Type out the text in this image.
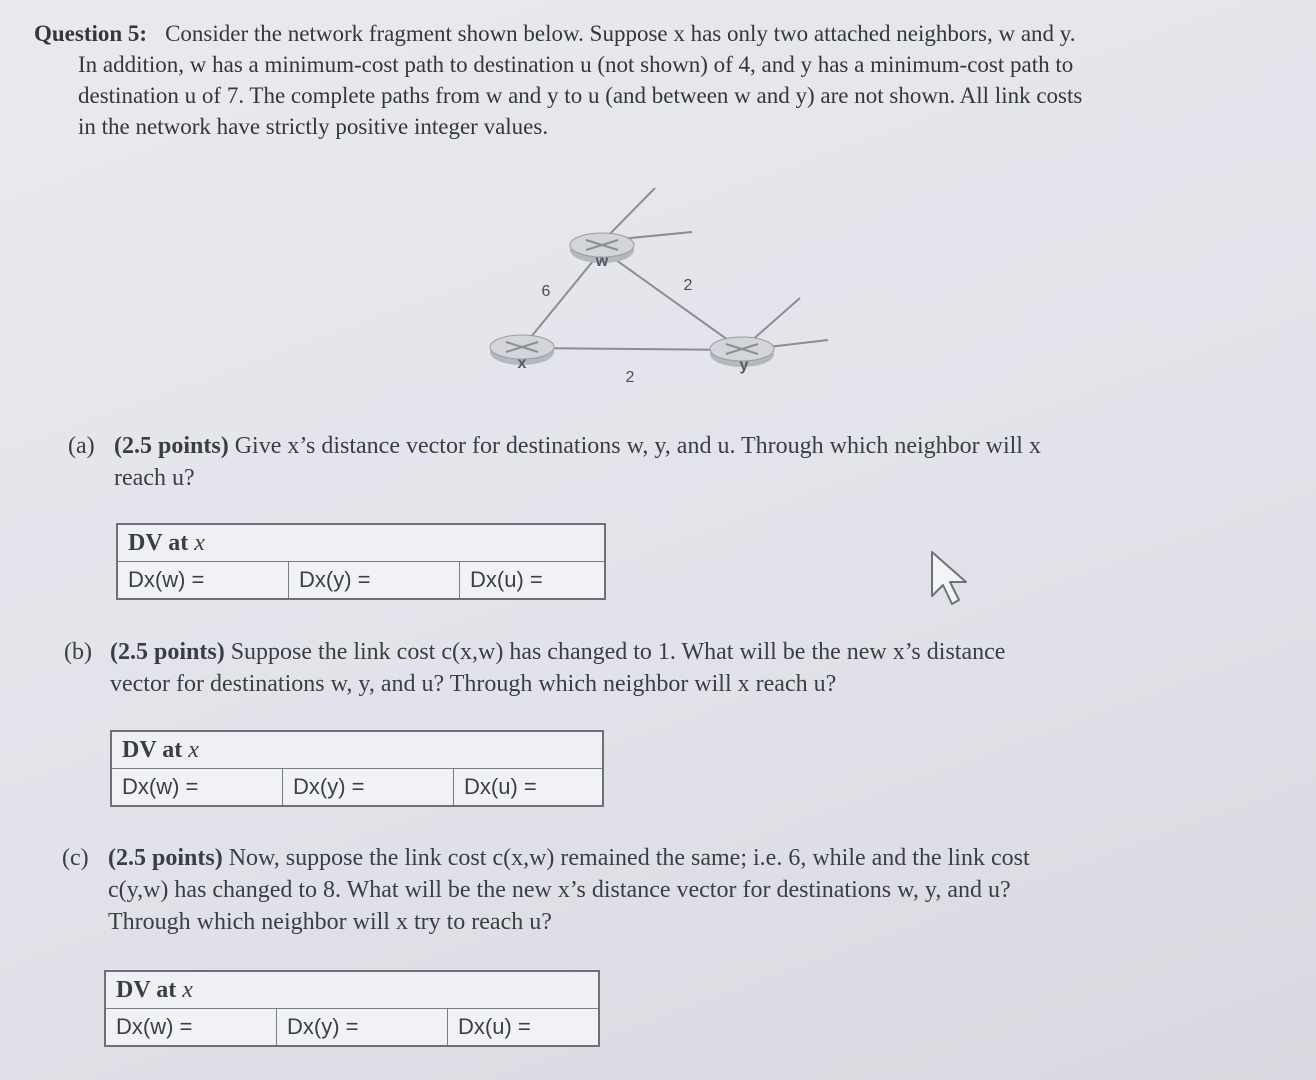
Question 5: Consider the network fragment shown below. Suppose x has only two attached neighbors, w and y.
In addition, w has a minimum-cost path to destination u (not shown) of 4, and y has a minimum-cost path to
destination u of 7. The complete paths from w and y to u (and between w and y) are not shown. All link costs
in the network have strictly positive integer values.
w
x	y
6	2
2
(a) (2.5 points) Give x’s distance vector for destinations w, y, and u. Through which neighbor will x
reach u?
DV at x
Dx(w) =	Dx(y) =	Dx(u) =
(b) (2.5 points) Suppose the link cost c(x,w) has changed to 1. What will be the new x’s distance
vector for destinations w, y, and u? Through which neighbor will x reach u?
DV at x
Dx(w) =	Dx(y) =	Dx(u) =
(c) (2.5 points) Now, suppose the link cost c(x,w) remained the same; i.e. 6, while and the link cost
c(y,w) has changed to 8. What will be the new x’s distance vector for destinations w, y, and u?
Through which neighbor will x try to reach u?
DV at x
Dx(w) =	Dx(y) =	Dx(u) =
